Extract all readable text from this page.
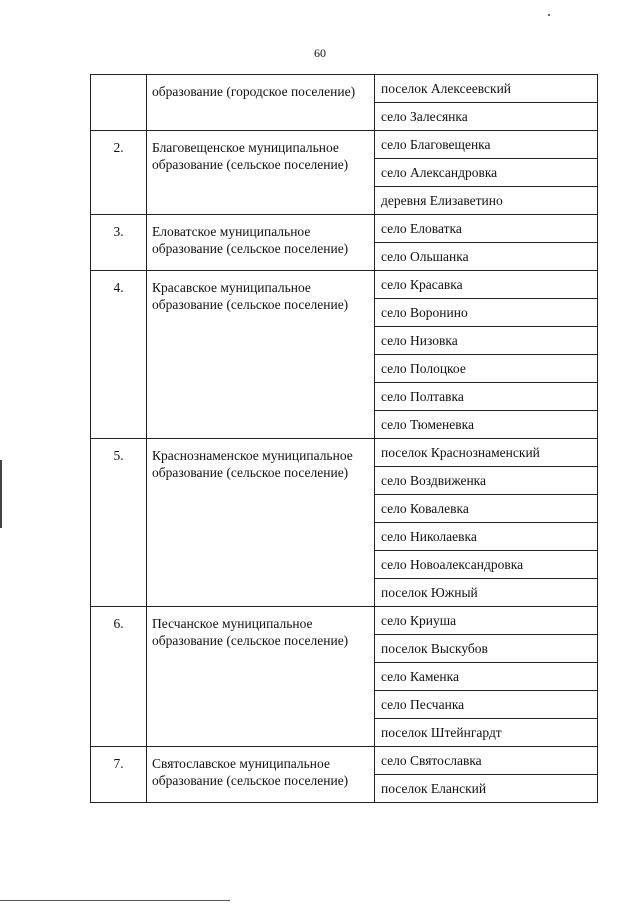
60
	образование (городское поселение)	поселок Алексеевский
		село Залесянка
2.	Благовещенское муниципальное образование (сельское поселение)	село Благовещенка
		село Александровка
		деревня Елизаветино
3.	Еловатское муниципальное образование (сельское поселение)	село Еловатка
		село Ольшанка
4.	Красавское муниципальное образование (сельское поселение)	село Красавка
		село Воронино
		село Низовка
		село Полоцкое
		село Полтавка
		село Тюменевка
5.	Краснознаменское муниципальное образование (сельское поселение)	поселок Краснознаменский
		село Воздвиженка
		село Ковалевка
		село Николаевка
		село Новоалександровка
		поселок Южный
6.	Песчанское муниципальное образование (сельское поселение)	село Криуша
		поселок Выскубов
		село Каменка
		село Песчанка
		поселок Штейнгардт
7.	Святославское муниципальное образование (сельское поселение)	село Святославка
		поселок Еланский
